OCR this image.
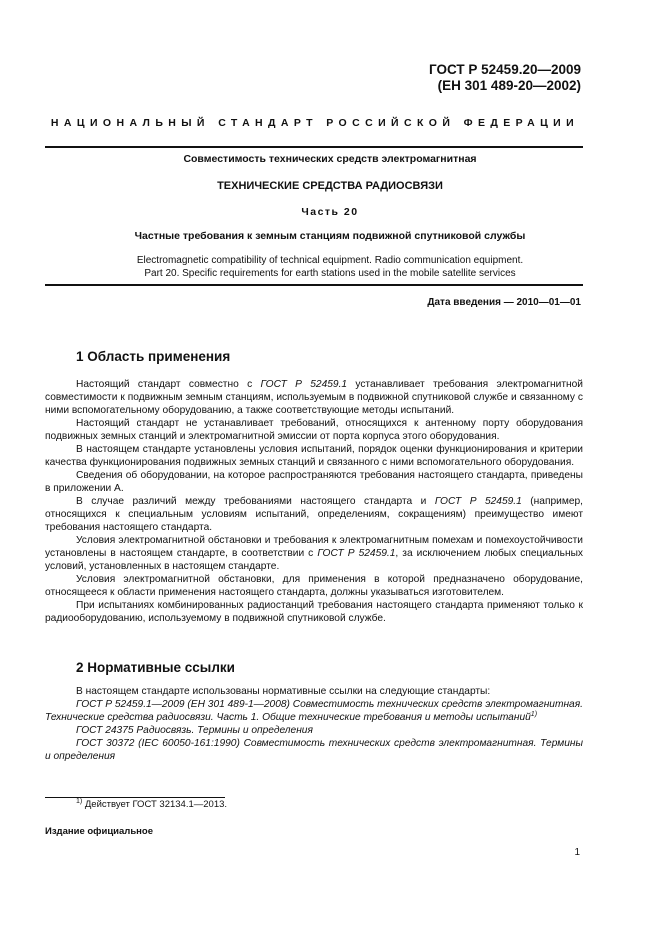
ГОСТ Р 52459.20—2009
(ЕН 301 489-20—2002)
НАЦИОНАЛЬНЫЙ СТАНДАРТ РОССИЙСКОЙ ФЕДЕРАЦИИ
Совместимость технических средств электромагнитная
ТЕХНИЧЕСКИЕ СРЕДСТВА РАДИОСВЯЗИ
Часть 20
Частные требования к земным станциям подвижной спутниковой службы
Electromagnetic compatibility of technical equipment. Radio communication equipment.
Part 20. Specific requirements for earth stations used in the mobile satellite services
Дата введения — 2010—01—01
1 Область применения

Настоящий стандарт совместно с ГОСТ Р 52459.1 устанавливает требования электромагнитной совместимости к подвижным земным станциям, используемым в подвижной спутниковой службе и связанному с ними вспомогательному оборудованию, а также соответствующие методы испытаний.

Настоящий стандарт не устанавливает требований, относящихся к антенному порту оборудования подвижных земных станций и электромагнитной эмиссии от порта корпуса этого оборудования.

В настоящем стандарте установлены условия испытаний, порядок оценки функционирования и критерии качества функционирования подвижных земных станций и связанного с ними вспомогательного оборудования.

Сведения об оборудовании, на которое распространяются требования настоящего стандарта, приведены в приложении А.

В случае различий между требованиями настоящего стандарта и ГОСТ Р 52459.1 (например, относящихся к специальным условиям испытаний, определениям, сокращениям) преимущество имеют требования настоящего стандарта.

Условия электромагнитной обстановки и требования к электромагнитным помехам и помехоустойчивости установлены в настоящем стандарте, в соответствии с ГОСТ Р 52459.1, за исключением любых специальных условий, установленных в настоящем стандарте.

Условия электромагнитной обстановки, для применения в которой предназначено оборудование, относящееся к области применения настоящего стандарта, должны указываться изготовителем.

При испытаниях комбинированных радиостанций требования настоящего стандарта применяют только к радиооборудованию, используемому в подвижной спутниковой службе.

2 Нормативные ссылки

В настоящем стандарте использованы нормативные ссылки на следующие стандарты:

ГОСТ Р 52459.1—2009 (ЕН 301 489-1—2008) Совместимость технических средств электромагнитная. Технические средства радиосвязи. Часть 1. Общие технические требования и методы испытаний$^{1)}$

ГОСТ 24375 Радиосвязь. Термины и определения

ГОСТ 30372 (IEC 60050-161:1990) Совместимость технических средств электромагнитная. Термины и определения

$^{1)}$ Действует ГОСТ 32134.1—2013.
Издание официальное
1
